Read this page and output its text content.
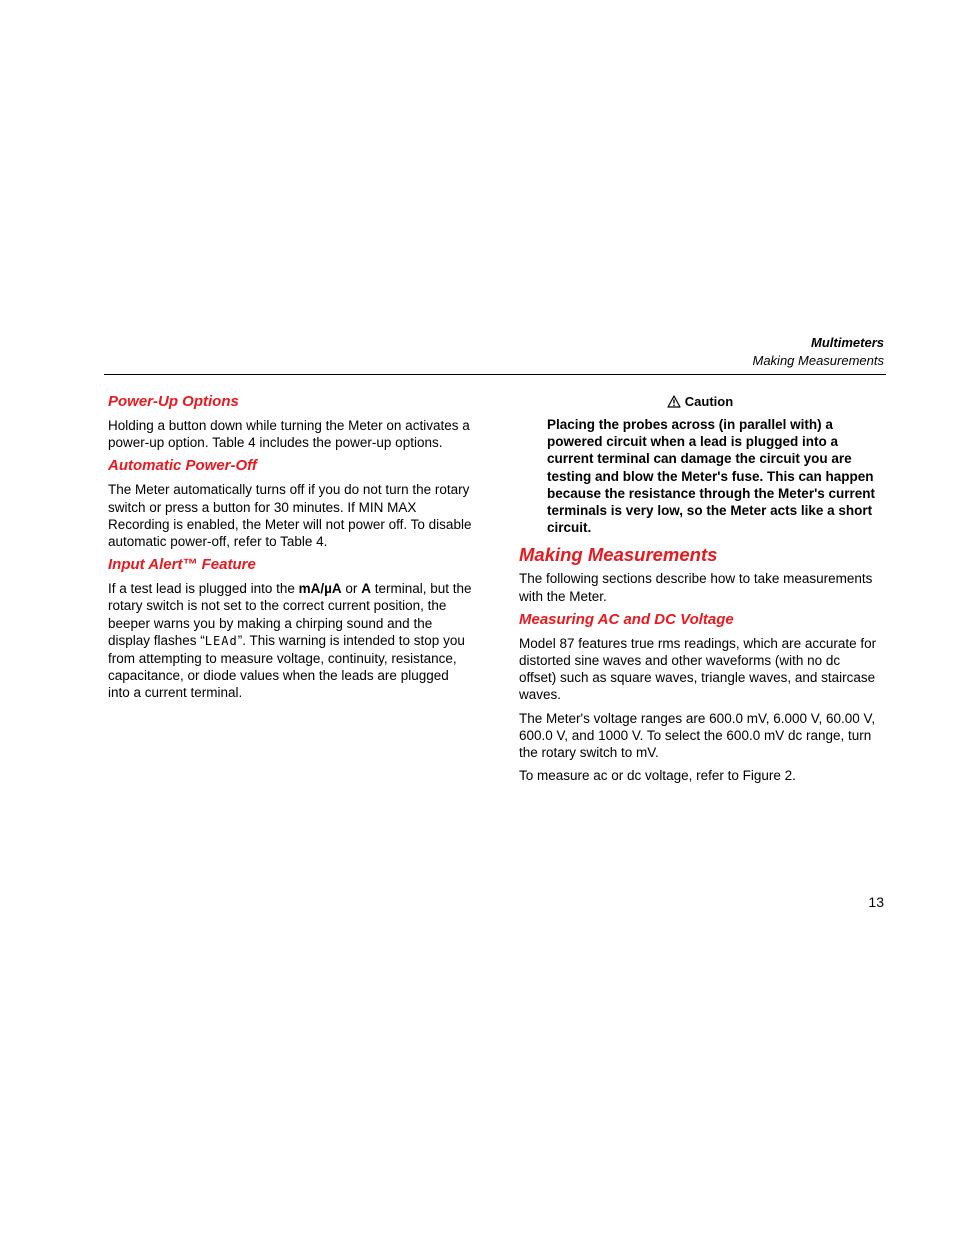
Multimeters
Making Measurements
Power-Up Options

Holding a button down while turning the Meter on activates a power-up option. Table 4 includes the power-up options.

Automatic Power-Off

The Meter automatically turns off if you do not turn the rotary switch or press a button for 30 minutes. If MIN MAX Recording is enabled, the Meter will not power off. To disable automatic power-off, refer to Table 4.

Input Alert™ Feature

If a test lead is plugged into the mA/µA or A terminal, but the rotary switch is not set to the correct current position, the beeper warns you by making a chirping sound and the display flashes “LEAd”. This warning is intended to stop you from attempting to measure voltage, continuity, resistance, capacitance, or diode values when the leads are plugged into a current terminal.

Caution

Placing the probes across (in parallel with) a powered circuit when a lead is plugged into a current terminal can damage the circuit you are testing and blow the Meter's fuse. This can happen because the resistance through the Meter's current terminals is very low, so the Meter acts like a short circuit.

Making Measurements

The following sections describe how to take measurements with the Meter.

Measuring AC and DC Voltage

Model 87 features true rms readings, which are accurate for distorted sine waves and other waveforms (with no dc offset) such as square waves, triangle waves, and staircase waves.

The Meter's voltage ranges are 600.0 mV, 6.000 V, 60.00 V, 600.0 V, and 1000 V. To select the 600.0 mV dc range, turn the rotary switch to mV.

To measure ac or dc voltage, refer to Figure 2.

13
